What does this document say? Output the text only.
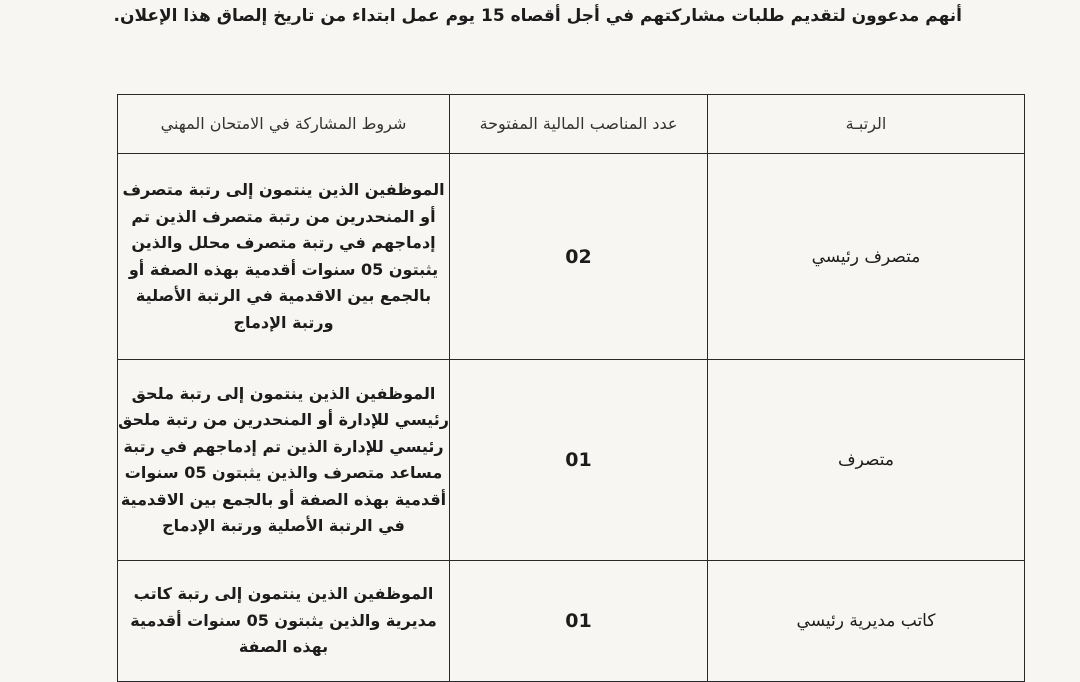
أنهم مدعوون لتقديم طلبات مشاركتهم في أجل أقصاه 15 يوم عمل ابتداء من تاريخ إلصاق هذا الإعلان.
الرتبـة	عدد المناصب المالية المفتوحة	شروط المشاركة في الامتحان المهني
متصرف رئيسي	02	الموظفين الذين ينتمون إلى رتبة متصرف أو المنحدرين من رتبة متصرف الذين تم إدماجهم في رتبة متصرف محلل والذين يثبتون 05 سنوات أقدمية بهذه الصفة أو بالجمع بين الاقدمية في الرتبة الأصلية ورتبة الإدماج
متصرف	01	الموظفين الذين ينتمون إلى رتبة ملحق رئيسي للإدارة أو المنحدرين من رتبة ملحق رئيسي للإدارة الذين تم إدماجهم في رتبة مساعد متصرف والذين يثبتون 05 سنوات أقدمية بهذه الصفة أو بالجمع بين الاقدمية في الرتبة الأصلية ورتبة الإدماج
كاتب مديرية رئيسي	01	الموظفين الذين ينتمون إلى رتبة كاتب مديرية والذين يثبتون 05 سنوات أقدمية بهذه الصفة
